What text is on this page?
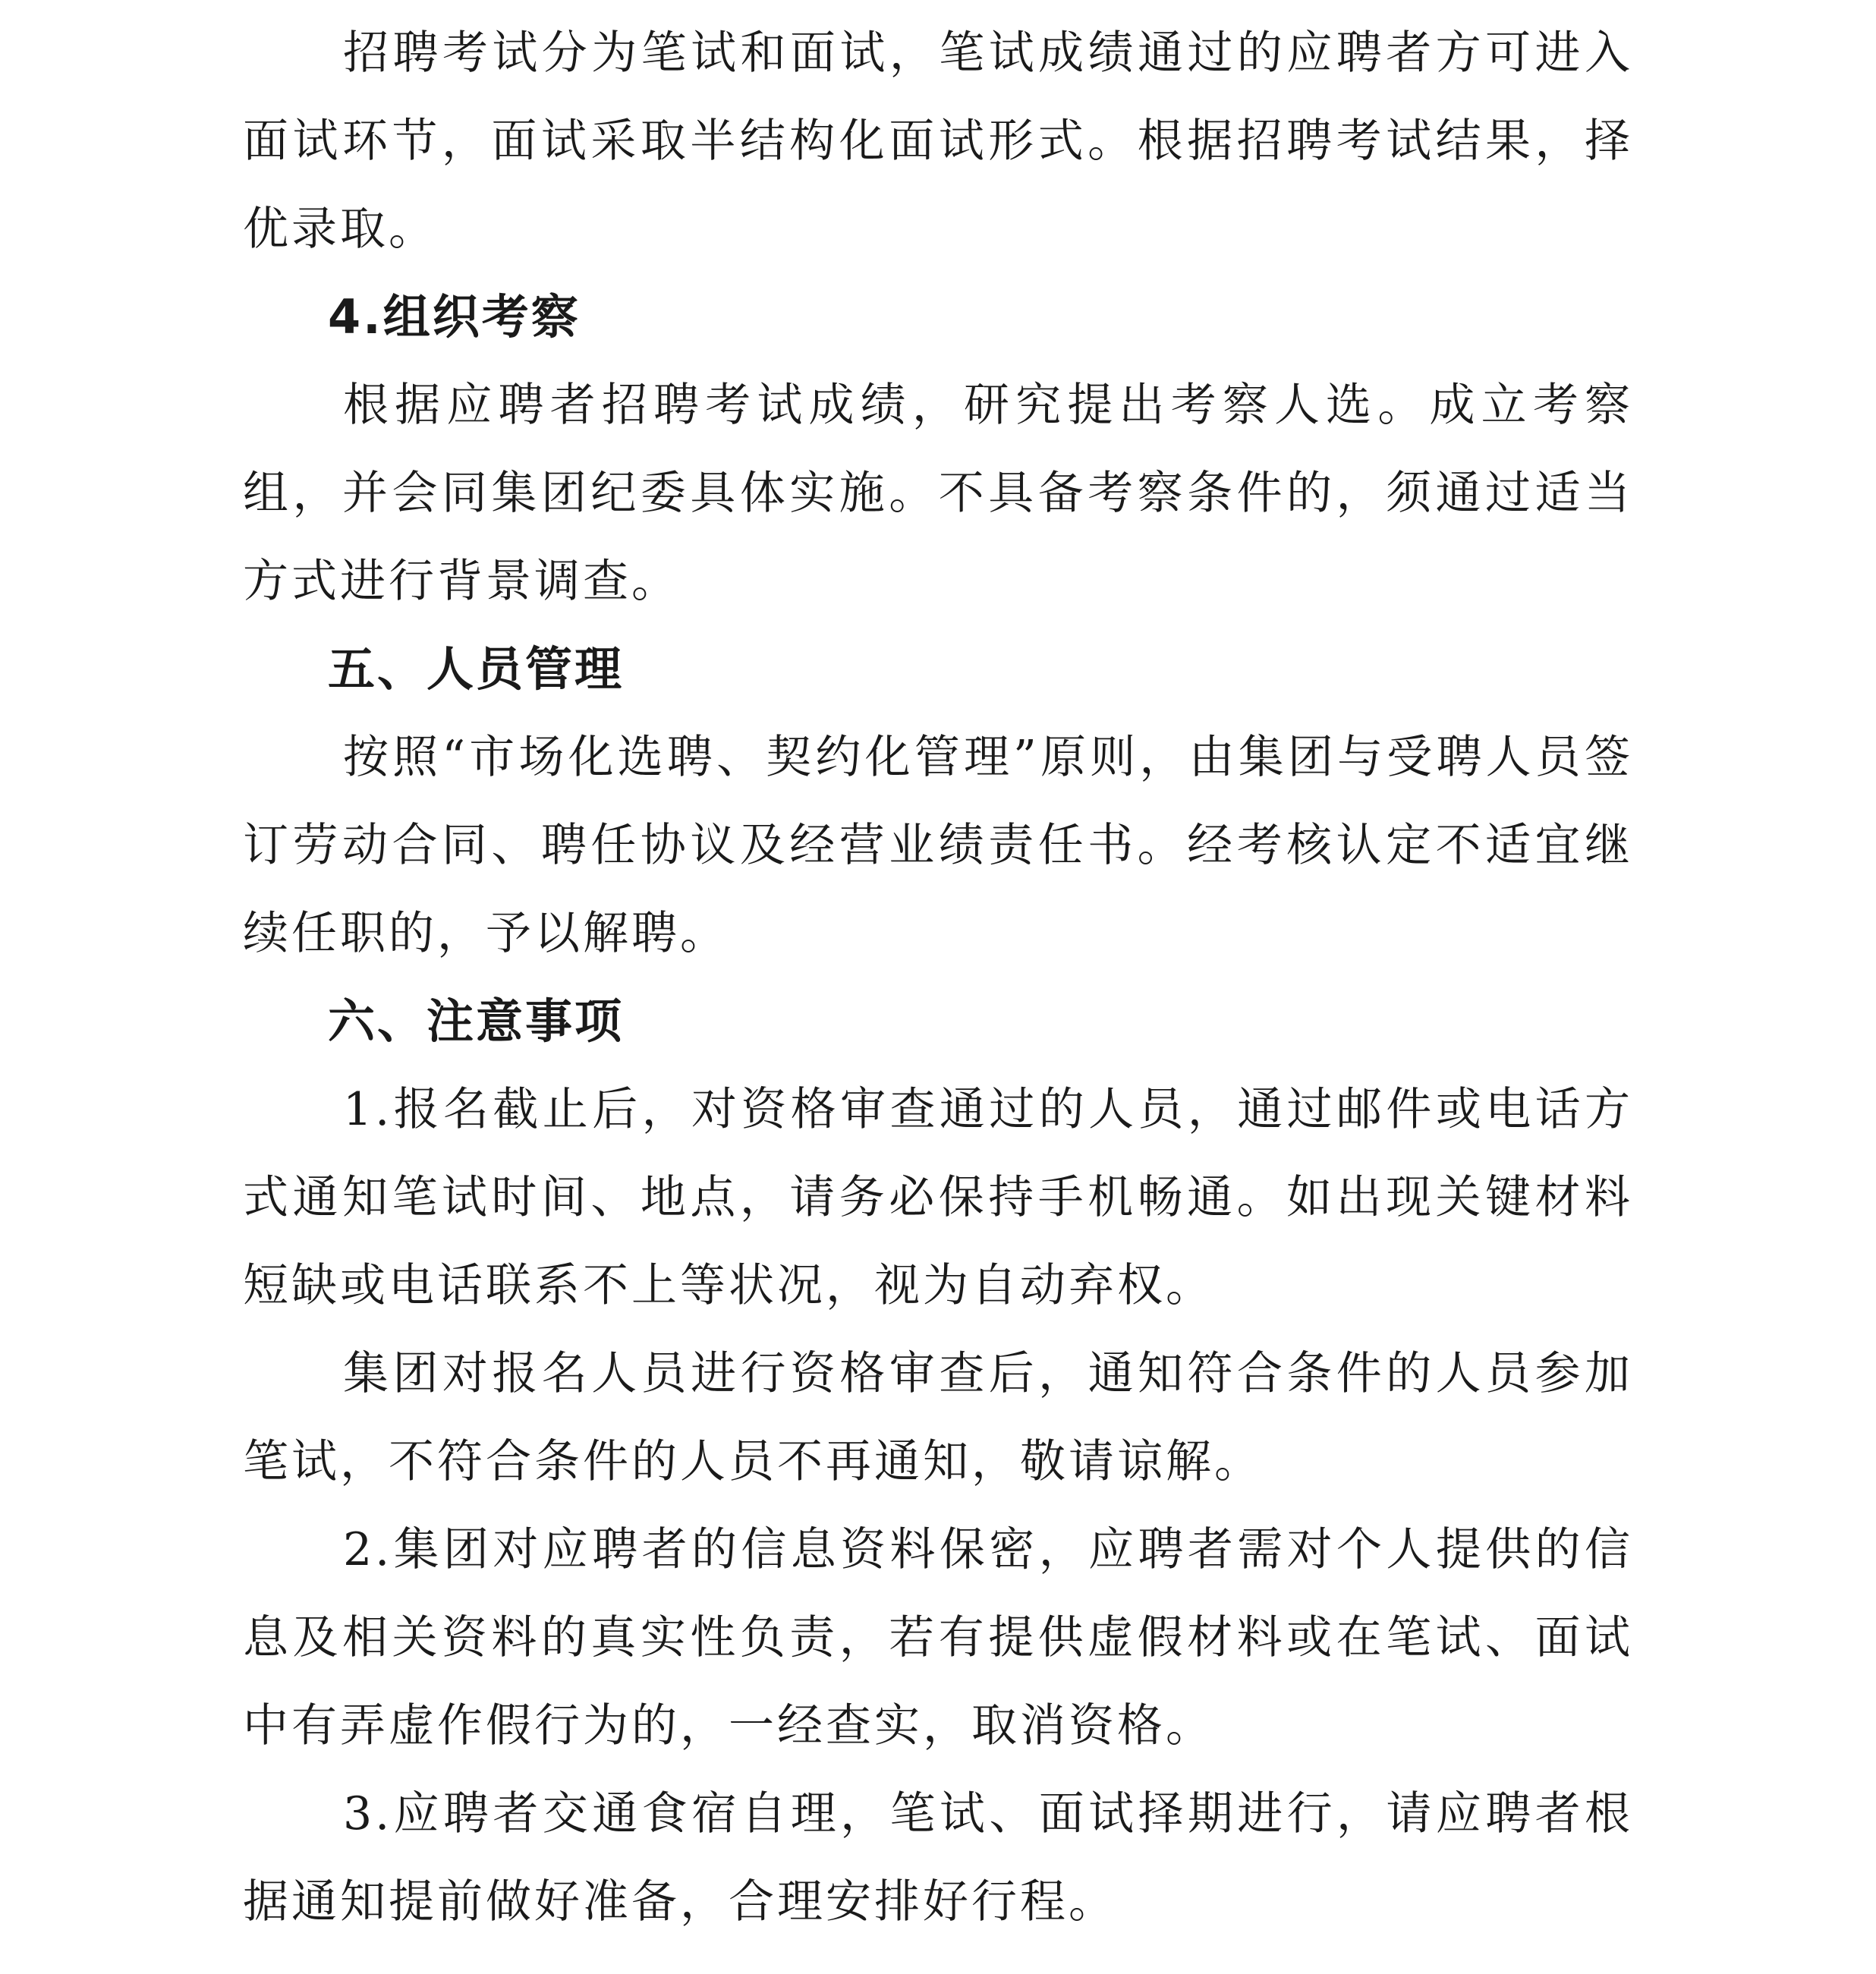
招聘考试分为笔试和面试，笔试成绩通过的应聘者方可进入面试环节，面试采取半结构化面试形式。根据招聘考试结果，择优录取。

4.组织考察

根据应聘者招聘考试成绩，研究提出考察人选。成立考察组，并会同集团纪委具体实施。不具备考察条件的，须通过适当方式进行背景调查。

五、人员管理

按照“市场化选聘、契约化管理”原则，由集团与受聘人员签订劳动合同、聘任协议及经营业绩责任书。经考核认定不适宜继续任职的，予以解聘。

六、注意事项

1.报名截止后，对资格审查通过的人员，通过邮件或电话方式通知笔试时间、地点，请务必保持手机畅通。如出现关键材料短缺或电话联系不上等状况，视为自动弃权。

集团对报名人员进行资格审查后，通知符合条件的人员参加笔试，不符合条件的人员不再通知，敬请谅解。

2.集团对应聘者的信息资料保密，应聘者需对个人提供的信息及相关资料的真实性负责，若有提供虚假材料或在笔试、面试中有弄虚作假行为的，一经查实，取消资格。

3.应聘者交通食宿自理，笔试、面试择期进行，请应聘者根据通知提前做好准备，合理安排好行程。
